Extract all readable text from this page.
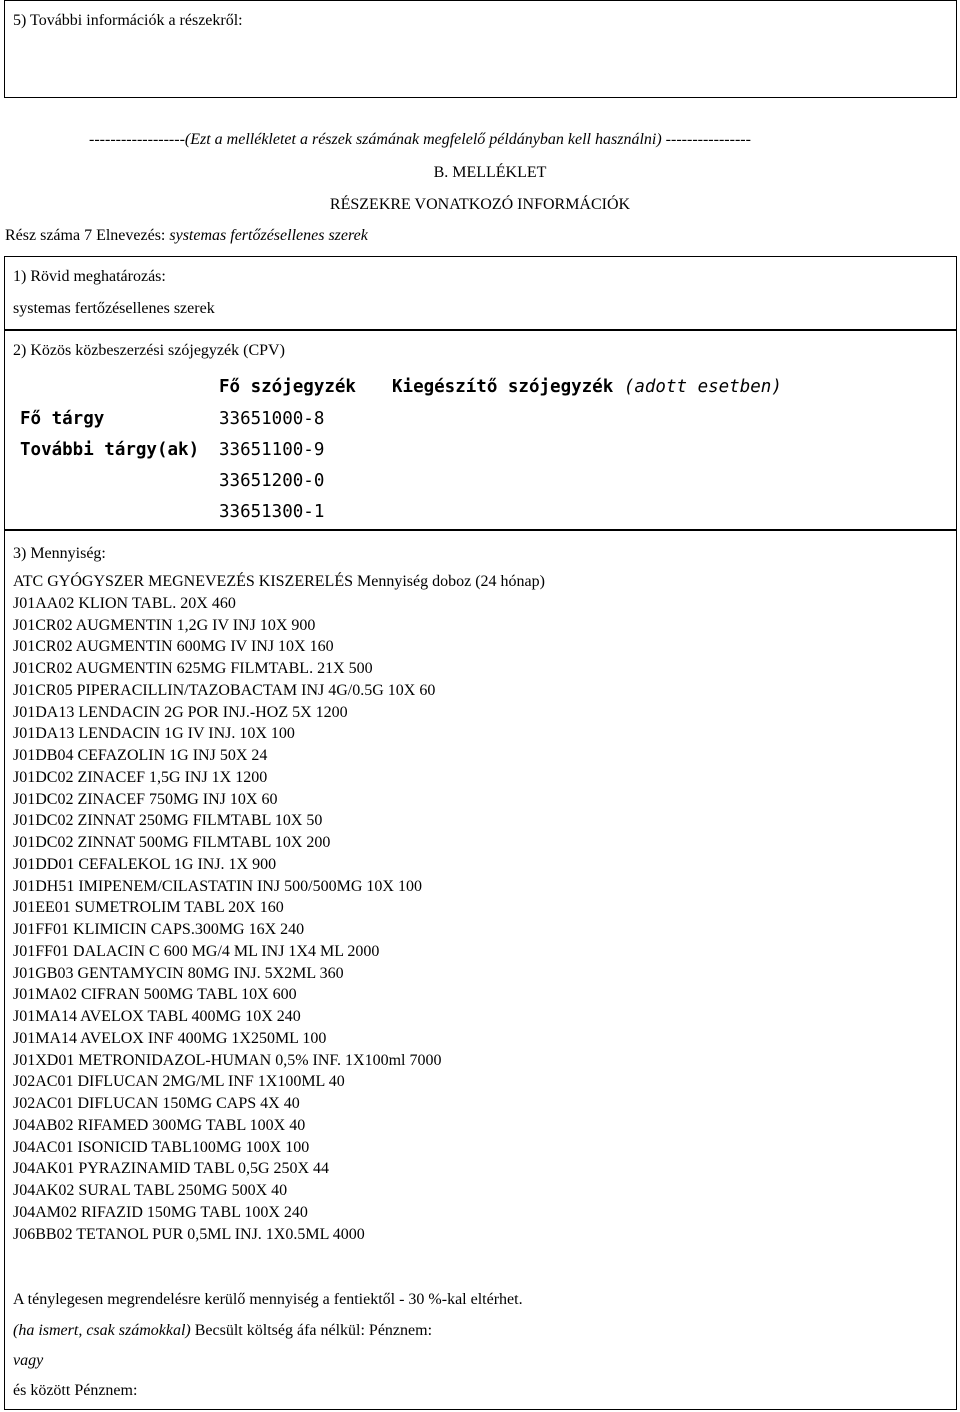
5) További információk a részekről:
------------------(Ezt a mellékletet a részek számának megfelelő példányban kell használni) ----------------
B. MELLÉKLET
RÉSZEKRE VONATKOZÓ INFORMÁCIÓK
Rész száma 7 Elnevezés: systemas fertőzésellenes szerek
1) Rövid meghatározás:
systemas fertőzésellenes szerek
2) Közös közbeszerzési szójegyzék (CPV)
Fő szójegyzék Kiegészítő szójegyzék (adott esetben)
Fő tárgy	33651000-8
További tárgy(ak) 33651100-9
33651200-0
33651300-1
3) Mennyiség:
ATC GYÓGYSZER MEGNEVEZÉS KISZERELÉS Mennyiség doboz (24 hónap)
J01AA02 KLION TABL. 20X 460
J01CR02 AUGMENTIN 1,2G IV INJ 10X 900
J01CR02 AUGMENTIN 600MG IV INJ 10X 160
J01CR02 AUGMENTIN 625MG FILMTABL. 21X 500
J01CR05 PIPERACILLIN/TAZOBACTAM INJ 4G/0.5G 10X 60
J01DA13 LENDACIN 2G POR INJ.-HOZ 5X 1200
J01DA13 LENDACIN 1G IV INJ. 10X 100
J01DB04 CEFAZOLIN 1G INJ 50X 24
J01DC02 ZINACEF 1,5G INJ 1X 1200
J01DC02 ZINACEF 750MG INJ 10X 60
J01DC02 ZINNAT 250MG FILMTABL 10X 50
J01DC02 ZINNAT 500MG FILMTABL 10X 200
J01DD01 CEFALEKOL 1G INJ. 1X 900
J01DH51 IMIPENEM/CILASTATIN INJ 500/500MG 10X 100
J01EE01 SUMETROLIM TABL 20X 160
J01FF01 KLIMICIN CAPS.300MG 16X 240
J01FF01 DALACIN C 600 MG/4 ML INJ 1X4 ML 2000
J01GB03 GENTAMYCIN 80MG INJ. 5X2ML 360
J01MA02 CIFRAN 500MG TABL 10X 600
J01MA14 AVELOX TABL 400MG 10X 240
J01MA14 AVELOX INF 400MG 1X250ML 100
J01XD01 METRONIDAZOL-HUMAN 0,5% INF. 1X100ml 7000
J02AC01 DIFLUCAN 2MG/ML INF 1X100ML 40
J02AC01 DIFLUCAN 150MG CAPS 4X 40
J04AB02 RIFAMED 300MG TABL 100X 40
J04AC01 ISONICID TABL100MG 100X 100
J04AK01 PYRAZINAMID TABL 0,5G 250X 44
J04AK02 SURAL TABL 250MG 500X 40
J04AM02 RIFAZID 150MG TABL 100X 240
J06BB02 TETANOL PUR 0,5ML INJ. 1X0.5ML 4000
A ténylegesen megrendelésre kerülő mennyiség a fentiektől - 30 %-kal eltérhet.
(ha ismert, csak számokkal) Becsült költség áfa nélkül: Pénznem:
vagy
és között Pénznem:
